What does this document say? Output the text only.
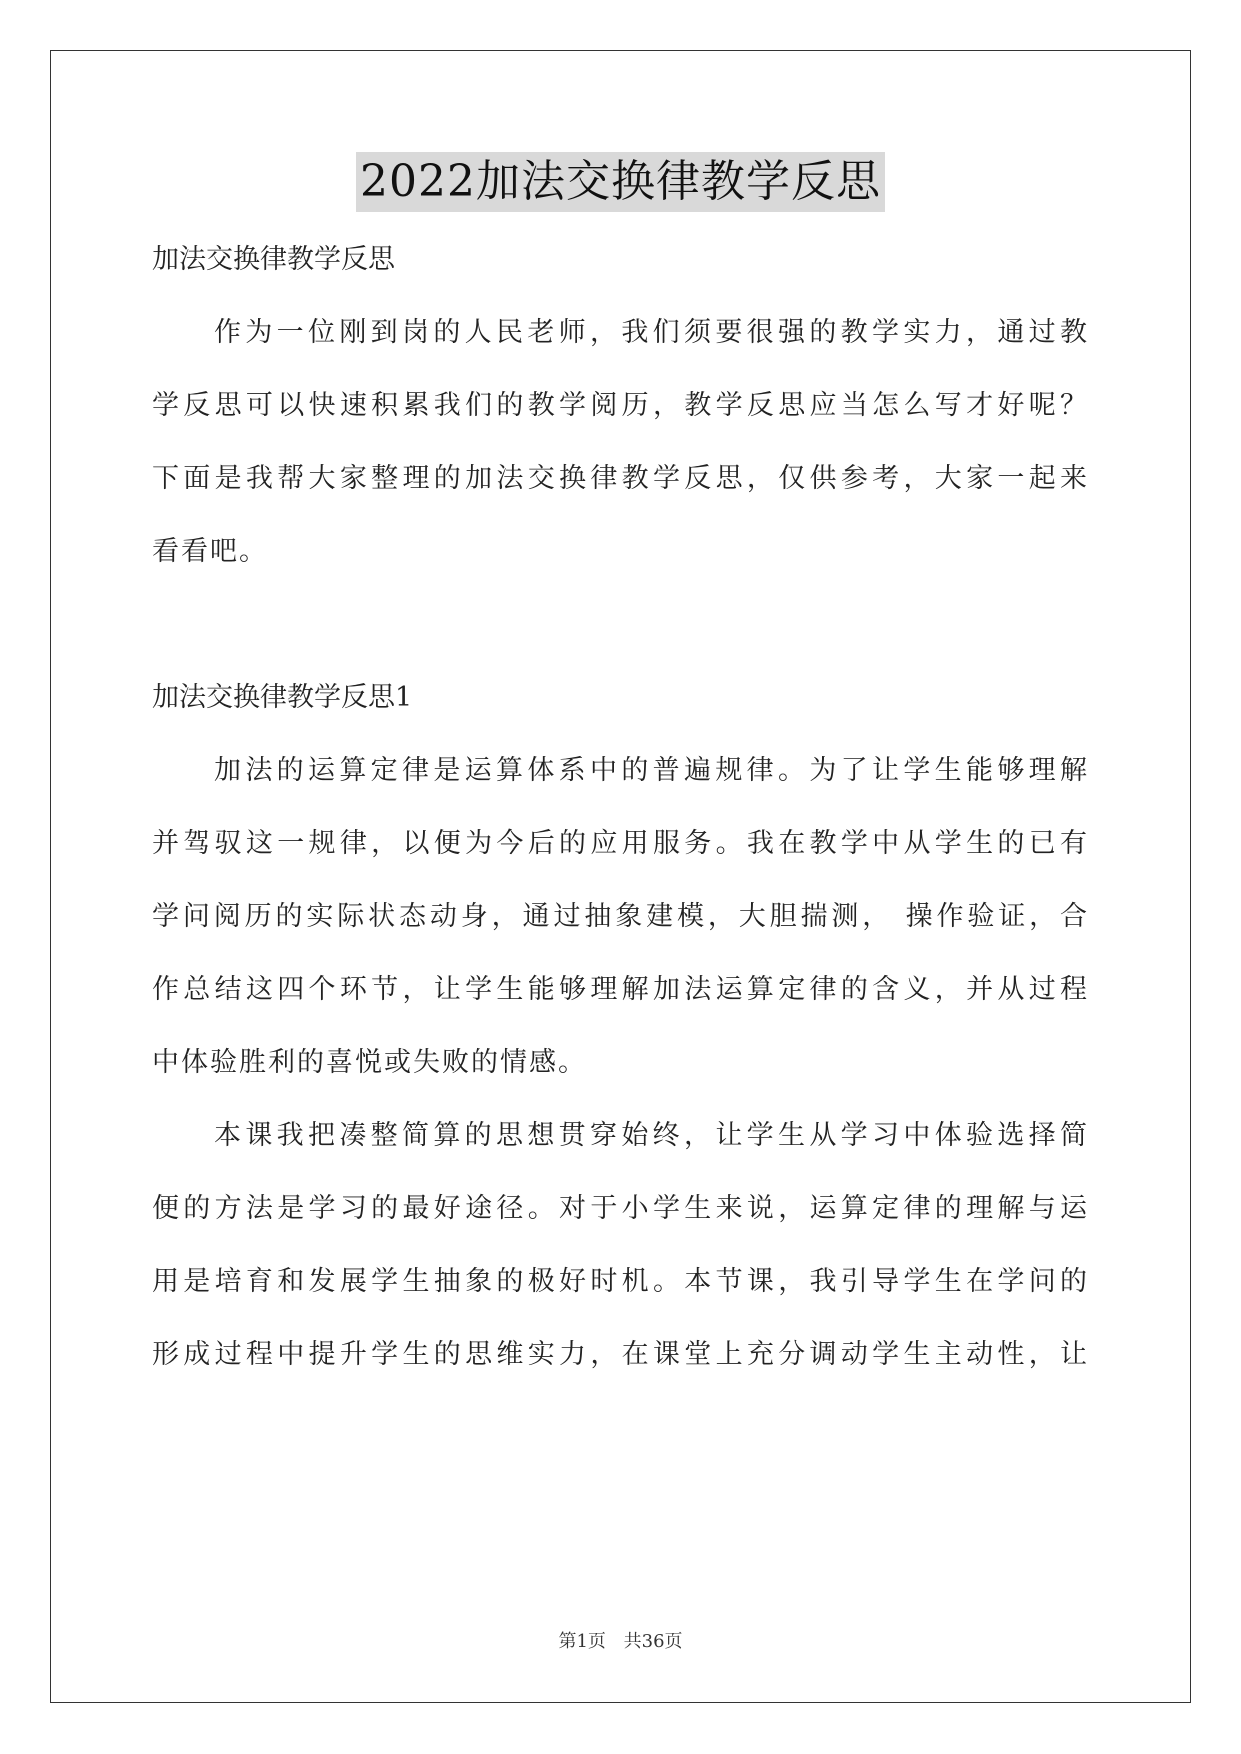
2022加法交换律教学反思
加法交换律教学反思
作为一位刚到岗的人民老师，我们须要很强的教学实力，通过教
学反思可以快速积累我们的教学阅历，教学反思应当怎么写才好呢？
下面是我帮大家整理的加法交换律教学反思，仅供参考，大家一起来
看看吧。
加法交换律教学反思1
加法的运算定律是运算体系中的普遍规律。为了让学生能够理解
并驾驭这一规律，以便为今后的应用服务。我在教学中从学生的已有
学问阅历的实际状态动身，通过抽象建模，大胆揣测， 操作验证，合
作总结这四个环节，让学生能够理解加法运算定律的含义，并从过程
中体验胜利的喜悦或失败的情感。
本课我把凑整简算的思想贯穿始终，让学生从学习中体验选择简
便的方法是学习的最好途径。对于小学生来说，运算定律的理解与运
用是培育和发展学生抽象的极好时机。本节课，我引导学生在学问的
形成过程中提升学生的思维实力，在课堂上充分调动学生主动性，让
第1页 共36页
